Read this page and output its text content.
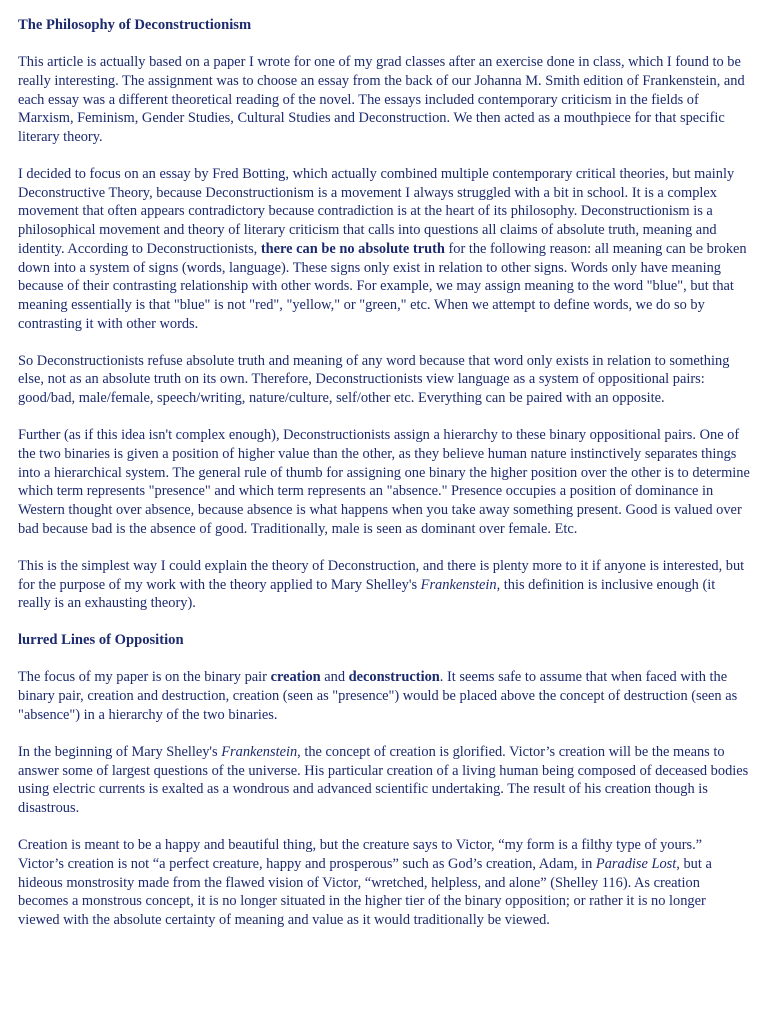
The Philosophy of Deconstructionism

This article is actually based on a paper I wrote for one of my grad classes after an exercise done in class, which I found to be really interesting. The assignment was to choose an essay from the back of our Johanna M. Smith edition of Frankenstein, and each essay was a different theoretical reading of the novel. The essays included contemporary criticism in the fields of Marxism, Feminism, Gender Studies, Cultural Studies and Deconstruction. We then acted as a mouthpiece for that specific literary theory.

I decided to focus on an essay by Fred Botting, which actually combined multiple contemporary critical theories, but mainly Deconstructive Theory, because Deconstructionism is a movement I always struggled with a bit in school. It is a complex movement that often appears contradictory because contradiction is at the heart of its philosophy. Deconstructionism is a philosophical movement and theory of literary criticism that calls into questions all claims of absolute truth, meaning and identity. According to Deconstructionists, there can be no absolute truth for the following reason: all meaning can be broken down into a system of signs (words, language). These signs only exist in relation to other signs. Words only have meaning because of their contrasting relationship with other words. For example, we may assign meaning to the word "blue", but that meaning essentially is that "blue" is not "red", "yellow," or "green," etc. When we attempt to define words, we do so by contrasting it with other words.

So Deconstructionists refuse absolute truth and meaning of any word because that word only exists in relation to something else, not as an absolute truth on its own. Therefore, Deconstructionists view language as a system of oppositional pairs: good/bad, male/female, speech/writing, nature/culture, self/other etc. Everything can be paired with an opposite.

Further (as if this idea isn't complex enough), Deconstructionists assign a hierarchy to these binary oppositional pairs. One of the two binaries is given a position of higher value than the other, as they believe human nature instinctively separates things into a hierarchical system. The general rule of thumb for assigning one binary the higher position over the other is to determine which term represents "presence" and which term represents an "absence." Presence occupies a position of dominance in Western thought over absence, because absence is what happens when you take away something present. Good is valued over bad because bad is the absence of good. Traditionally, male is seen as dominant over female. Etc.

This is the simplest way I could explain the theory of Deconstruction, and there is plenty more to it if anyone is interested, but for the purpose of my work with the theory applied to Mary Shelley's Frankenstein, this definition is inclusive enough (it really is an exhausting theory).

lurred Lines of Opposition

The focus of my paper is on the binary pair creation and deconstruction. It seems safe to assume that when faced with the binary pair, creation and destruction, creation (seen as "presence") would be placed above the concept of destruction (seen as "absence") in a hierarchy of the two binaries.

In the beginning of Mary Shelley's Frankenstein, the concept of creation is glorified. Victor’s creation will be the means to answer some of largest questions of the universe. His particular creation of a living human being composed of deceased bodies using electric currents is exalted as a wondrous and advanced scientific undertaking. The result of his creation though is disastrous.

Creation is meant to be a happy and beautiful thing, but the creature says to Victor, “my form is a filthy type of yours.” Victor’s creation is not “a perfect creature, happy and prosperous” such as God’s creation, Adam, in Paradise Lost, but a hideous monstrosity made from the flawed vision of Victor, “wretched, helpless, and alone” (Shelley 116). As creation becomes a monstrous concept, it is no longer situated in the higher tier of the binary opposition; or rather it is no longer viewed with the absolute certainty of meaning and value as it would traditionally be viewed.
